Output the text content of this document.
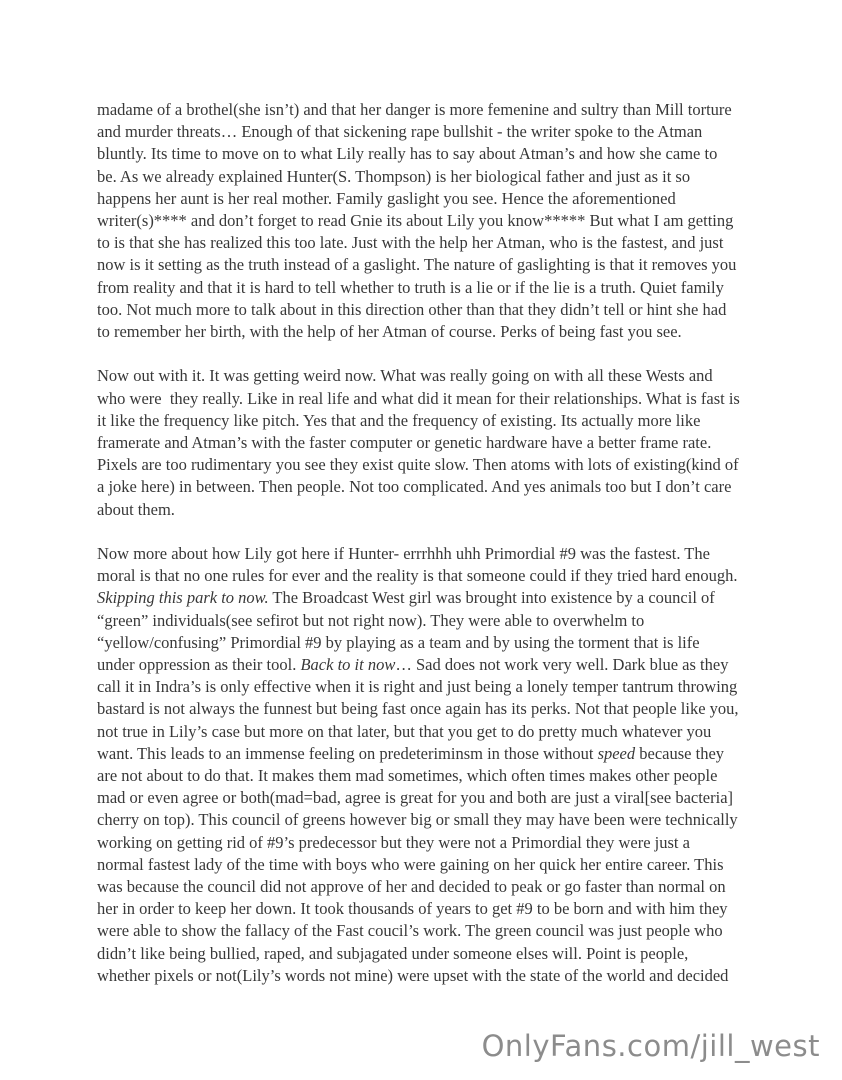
madame of a brothel(she isn’t) and that her danger is more femenine and sultry than Mill torture
and murder threats… Enough of that sickening rape bullshit - the writer spoke to the Atman
bluntly. Its time to move on to what Lily really has to say about Atman’s and how she came to
be. As we already explained Hunter(S. Thompson) is her biological father and just as it so
happens her aunt is her real mother. Family gaslight you see. Hence the aforementioned
writer(s)**** and don’t forget to read Gnie its about Lily you know***** But what I am getting
to is that she has realized this too late. Just with the help her Atman, who is the fastest, and just
now is it setting as the truth instead of a gaslight. The nature of gaslighting is that it removes you
from reality and that it is hard to tell whether to truth is a lie or if the lie is a truth. Quiet family
too. Not much more to talk about in this direction other than that they didn’t tell or hint she had
to remember her birth, with the help of her Atman of course. Perks of being fast you see.
Now out with it. It was getting weird now. What was really going on with all these Wests and
who were  they really. Like in real life and what did it mean for their relationships. What is fast is
it like the frequency like pitch. Yes that and the frequency of existing. Its actually more like
framerate and Atman’s with the faster computer or genetic hardware have a better frame rate.
Pixels are too rudimentary you see they exist quite slow. Then atoms with lots of existing(kind of
a joke here) in between. Then people. Not too complicated. And yes animals too but I don’t care
about them.
Now more about how Lily got here if Hunter- errrhhh uhh Primordial #9 was the fastest. The
moral is that no one rules for ever and the reality is that someone could if they tried hard enough.
Skipping this park to now. The Broadcast West girl was brought into existence by a council of
“green” individuals(see sefirot but not right now). They were able to overwhelm to
“yellow/confusing” Primordial #9 by playing as a team and by using the torment that is life
under oppression as their tool. Back to it now… Sad does not work very well. Dark blue as they
call it in Indra’s is only effective when it is right and just being a lonely temper tantrum throwing
bastard is not always the funnest but being fast once again has its perks. Not that people like you,
not true in Lily’s case but more on that later, but that you get to do pretty much whatever you
want. This leads to an immense feeling on predeteriminsm in those without speed because they
are not about to do that. It makes them mad sometimes, which often times makes other people
mad or even agree or both(mad=bad, agree is great for you and both are just a viral[see bacteria]
cherry on top). This council of greens however big or small they may have been were technically
working on getting rid of #9’s predecessor but they were not a Primordial they were just a
normal fastest lady of the time with boys who were gaining on her quick her entire career. This
was because the council did not approve of her and decided to peak or go faster than normal on
her in order to keep her down. It took thousands of years to get #9 to be born and with him they
were able to show the fallacy of the Fast coucil’s work. The green council was just people who
didn’t like being bullied, raped, and subjagated under someone elses will. Point is people,
whether pixels or not(Lily’s words not mine) were upset with the state of the world and decided
OnlyFans.com/jill_west
